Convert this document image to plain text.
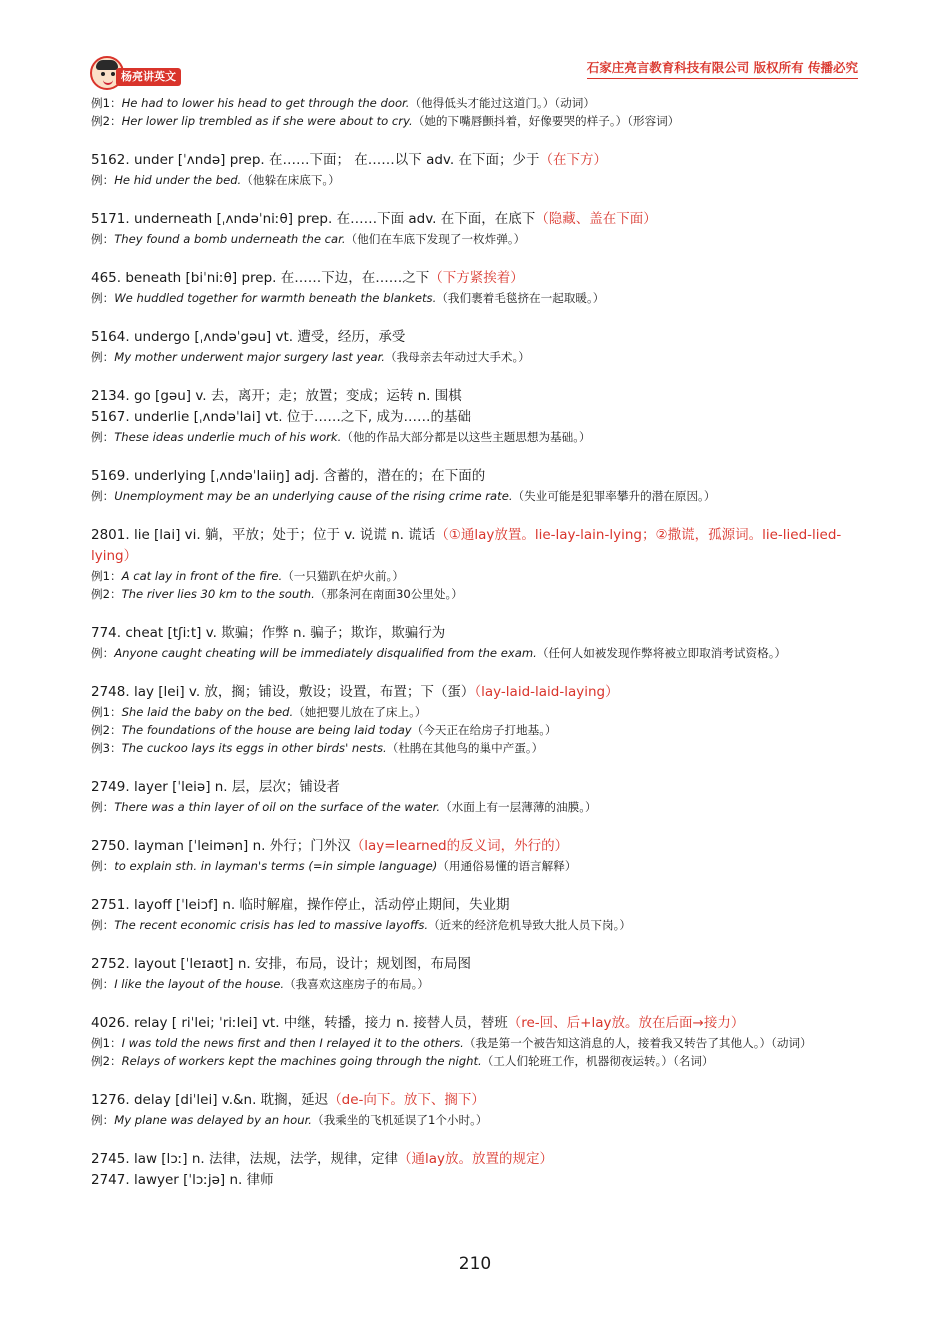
杨亮讲英文
石家庄亮言教育科技有限公司 版权所有 传播必究
例1：He had to lower his head to get through the door.（他得低头才能过这道门。）（动词）
例2：Her lower lip trembled as if she were about to cry.（她的下嘴唇颤抖着，好像要哭的样子。）（形容词）
5162. under [ˈʌndə] prep. 在……下面； 在……以下 adv. 在下面；少于（在下方）
例：He hid under the bed.（他躲在床底下。）
5171. underneath [ˌʌndəˈniːθ] prep. 在……下面 adv. 在下面，在底下（隐藏、盖在下面）
例：They found a bomb underneath the car.（他们在车底下发现了一枚炸弹。）
465. beneath [biˈniːθ] prep. 在……下边，在……之下（下方紧挨着）
例：We huddled together for warmth beneath the blankets.（我们裹着毛毯挤在一起取暖。）
5164. undergo [ˌʌndəˈgəu] vt. 遭受，经历，承受
例：My mother underwent major surgery last year.（我母亲去年动过大手术。）
2134. go [gəu] v. 去，离开；走；放置；变成；运转 n. 围棋
5167. underlie [ˌʌndəˈlai] vt. 位于……之下, 成为……的基础
例：These ideas underlie much of his work.（他的作品大部分都是以这些主题思想为基础。）
5169. underlying [ˌʌndəˈlaiiŋ] adj. 含蓄的，潜在的；在下面的
例：Unemployment may be an underlying cause of the rising crime rate.（失业可能是犯罪率攀升的潜在原因。）
2801. lie [lai] vi. 躺，平放；处于；位于 v. 说谎 n. 谎话（①通lay放置。lie-lay-lain-lying；②撒谎，孤源词。lie-lied-lied-lying）
例1：A cat lay in front of the fire.（一只猫趴在炉火前。）
例2：The river lies 30 km to the south.（那条河在南面30公里处。）
774. cheat [tʃiːt] v. 欺骗；作弊 n. 骗子；欺诈，欺骗行为
例：Anyone caught cheating will be immediately disqualified from the exam.（任何人如被发现作弊将被立即取消考试资格。）
2748. lay [lei] v. 放，搁；铺设，敷设；设置，布置；下（蛋）（lay-laid-laid-laying）
例1：She laid the baby on the bed.（她把婴儿放在了床上。）
例2：The foundations of the house are being laid today（今天正在给房子打地基。）
例3：The cuckoo lays its eggs in other birds' nests.（杜鹃在其他鸟的巢中产蛋。）
2749. layer [ˈleiə] n. 层，层次；铺设者
例：There was a thin layer of oil on the surface of the water.（水面上有一层薄薄的油膜。）
2750. layman [ˈleimən] n. 外行；门外汉（lay=learned的反义词，外行的）
例：to explain sth. in layman's terms (=in simple language)（用通俗易懂的语言解释）
2751. layoff [ˈleiɔf] n. 临时解雇，操作停止，活动停止期间，失业期
例：The recent economic crisis has led to massive layoffs.（近来的经济危机导致大批人员下岗。）
2752. layout [ˈleɪaʊt] n. 安排，布局，设计；规划图，布局图
例：I like the layout of the house.（我喜欢这座房子的布局。）
4026. relay [ riˈlei; ˈriːlei] vt. 中继，转播，接力 n. 接替人员，替班（re-回、后+lay放。放在后面→接力）
例1：I was told the news first and then I relayed it to the others.（我是第一个被告知这消息的人，接着我又转告了其他人。）（动词）
例2：Relays of workers kept the machines going through the night.（工人们轮班工作，机器彻夜运转。）（名词）
1276. delay [diˈlei] v.&n. 耽搁，延迟（de-向下。放下、搁下）
例：My plane was delayed by an hour.（我乘坐的飞机延误了1个小时。）
2745. law [lɔː] n. 法律，法规，法学，规律，定律（通lay放。放置的规定）
2747. lawyer [ˈlɔːjə] n. 律师
210
